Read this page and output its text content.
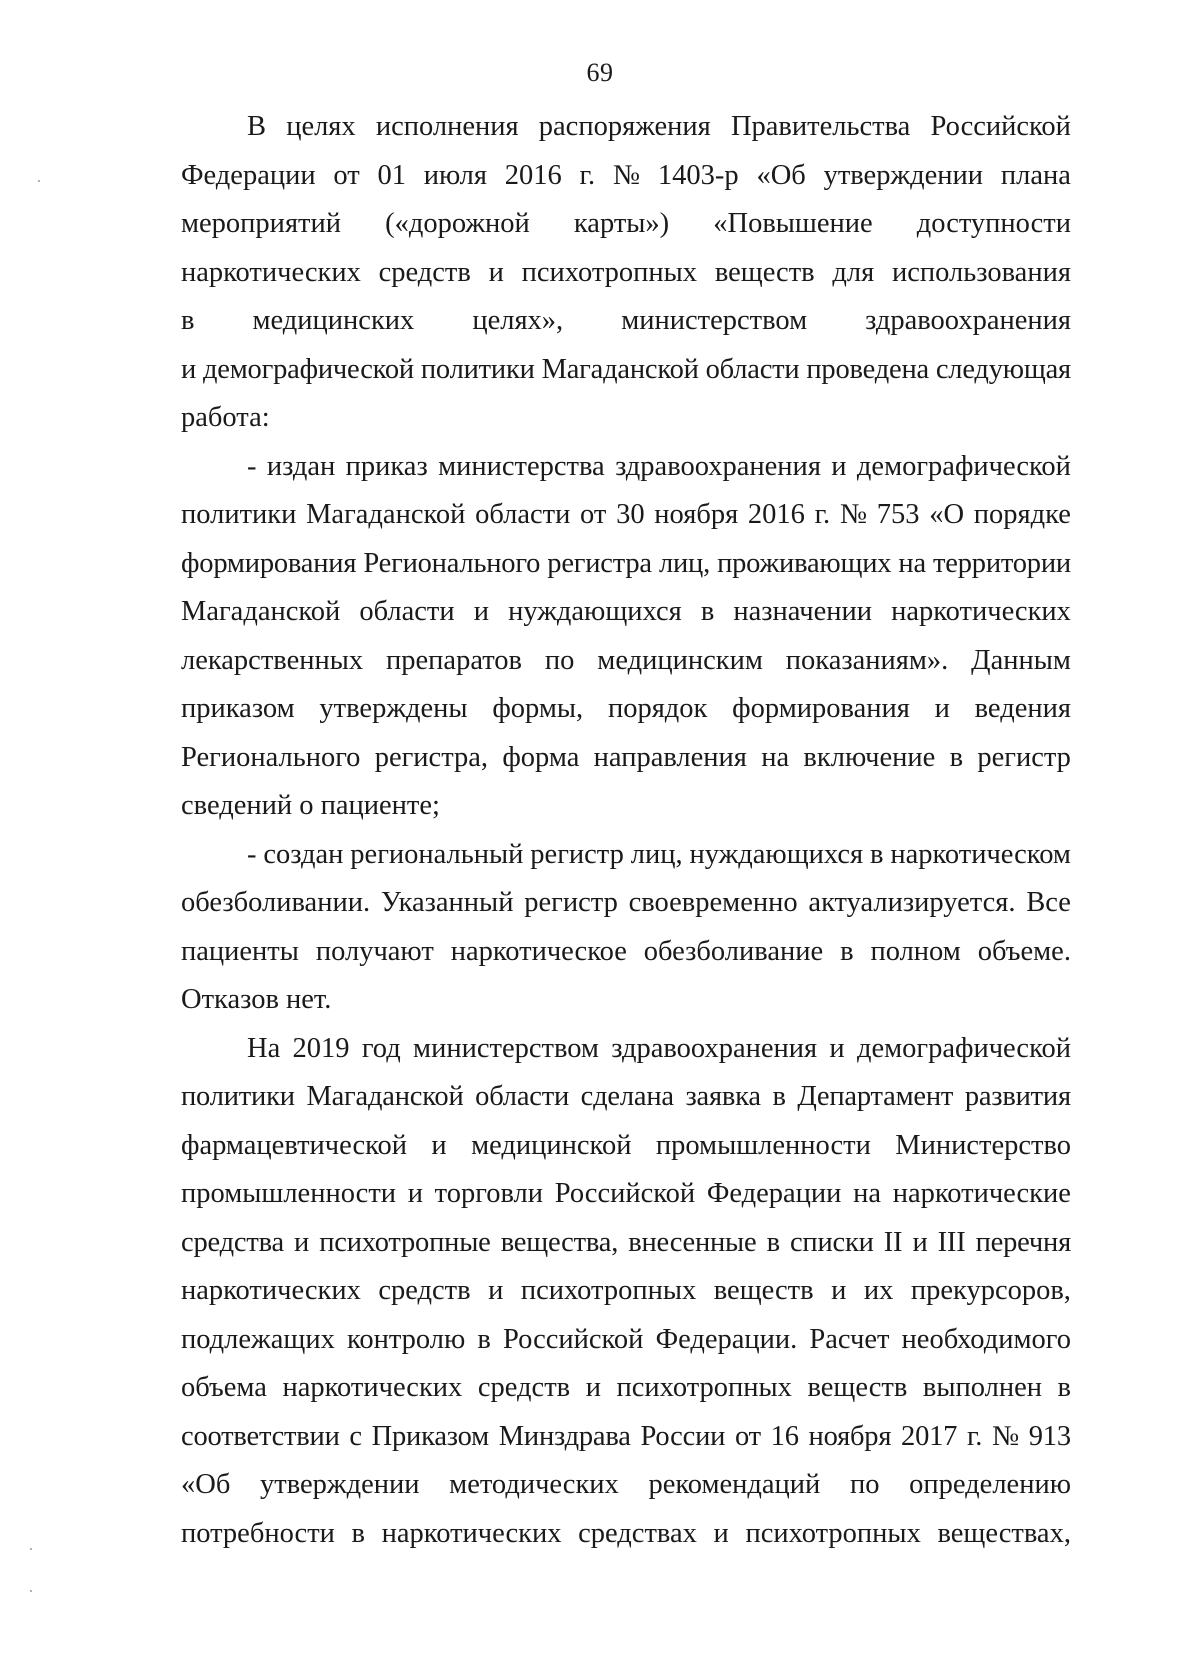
69
В целях исполнения распоряжения Правительства Российской
Федерации от 01 июля 2016 г. № 1403-р «Об утверждении плана
мероприятий («дорожной карты») «Повышение доступности
наркотических средств и психотропных веществ для использования
в медицинских целях», министерством здравоохранения
и демографической политики Магаданской области проведена следующая
работа:
- издан приказ министерства здравоохранения и демографической
политики Магаданской области от 30 ноября 2016 г. № 753 «О порядке
формирования Регионального регистра лиц, проживающих на территории
Магаданской области и нуждающихся в назначении наркотических
лекарственных препаратов по медицинским показаниям». Данным
приказом утверждены формы, порядок формирования и ведения
Регионального регистра, форма направления на включение в регистр
сведений о пациенте;
- создан региональный регистр лиц, нуждающихся в наркотическом
обезболивании. Указанный регистр своевременно актуализируется. Все
пациенты получают наркотическое обезболивание в полном объеме.
Отказов нет.
На 2019 год министерством здравоохранения и демографической
политики Магаданской области сделана заявка в Департамент развития
фармацевтической и медицинской промышленности Министерство
промышленности и торговли Российской Федерации на наркотические
средства и психотропные вещества, внесенные в списки II и III перечня
наркотических средств и психотропных веществ и их прекурсоров,
подлежащих контролю в Российской Федерации. Расчет необходимого
объема наркотических средств и психотропных веществ выполнен в
соответствии с Приказом Минздрава России от 16 ноября 2017 г. № 913
«Об утверждении методических рекомендаций по определению
потребности в наркотических средствах и психотропных веществах,
